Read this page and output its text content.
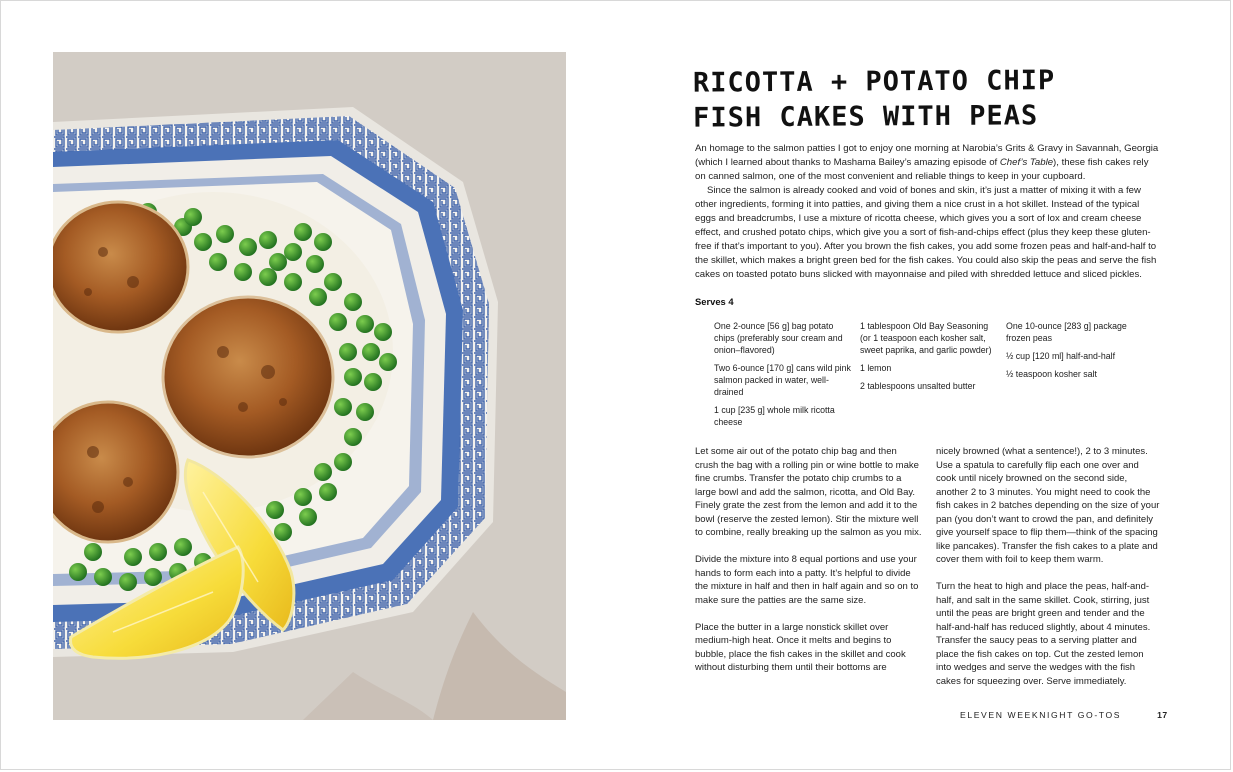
RICOTTA + POTATO CHIP
FISH CAKES WITH PEAS

An homage to the salmon patties I got to enjoy one morning at Narobia’s Grits & Gravy in Savannah, Georgia (which I learned about thanks to Mashama Bailey’s amazing episode of Chef’s Table), these fish cakes rely on canned salmon, one of the most convenient and reliable things to keep in your cupboard.

Since the salmon is already cooked and void of bones and skin, it’s just a matter of mixing it with a few other ingredients, forming it into patties, and giving them a nice crust in a hot skillet. Instead of the typical eggs and breadcrumbs, I use a mixture of ricotta cheese, which gives you a sort of lox and cream cheese effect, and crushed potato chips, which give you a sort of fish-and-chips effect (plus they keep these gluten-free if that’s important to you). After you brown the fish cakes, you add some frozen peas and half-and-half to the skillet, which makes a bright green bed for the fish cakes. You could also skip the peas and serve the fish cakes on toasted potato buns slicked with mayonnaise and piled with shredded lettuce and sliced pickles.

Serves 4
One 2-ounce [56 g] bag potato chips (preferably sour cream and onion–flavored)
Two 6-ounce [170 g] cans wild pink salmon packed in water, well-drained
1 cup [235 g] whole milk ricotta cheese
1 tablespoon Old Bay Seasoning (or 1 teaspoon each kosher salt, sweet paprika, and garlic powder)
1 lemon
2 tablespoons unsalted butter
One 10-ounce [283 g] package frozen peas
½ cup [120 ml] half-and-half
½ teaspoon kosher salt

Let some air out of the potato chip bag and then crush the bag with a rolling pin or wine bottle to make fine crumbs. Transfer the potato chip crumbs to a large bowl and add the salmon, ricotta, and Old Bay. Finely grate the zest from the lemon and add it to the bowl (reserve the zested lemon). Stir the mixture well to combine, really breaking up the salmon as you mix.

Divide the mixture into 8 equal portions and use your hands to form each into a patty. It’s helpful to divide the mixture in half and then in half again and so on to make sure the patties are the same size.

Place the butter in a large nonstick skillet over medium-high heat. Once it melts and begins to bubble, place the fish cakes in the skillet and cook without disturbing them until their bottoms are

nicely browned (what a sentence!), 2 to 3 minutes. Use a spatula to carefully flip each one over and cook until nicely browned on the second side, another 2 to 3 minutes. You might need to cook the fish cakes in 2 batches depending on the size of your pan (you don’t want to crowd the pan, and definitely give yourself space to flip them—think of the spacing like pancakes). Transfer the fish cakes to a plate and cover them with foil to keep them warm.

Turn the heat to high and place the peas, half-and-half, and salt in the same skillet. Cook, stirring, just until the peas are bright green and tender and the half-and-half has reduced slightly, about 4 minutes. Transfer the saucy peas to a serving platter and place the fish cakes on top. Cut the zested lemon into wedges and serve the wedges with the fish cakes for squeezing over. Serve immediately.

ELEVEN WEEKNIGHT GO-TOS	17
